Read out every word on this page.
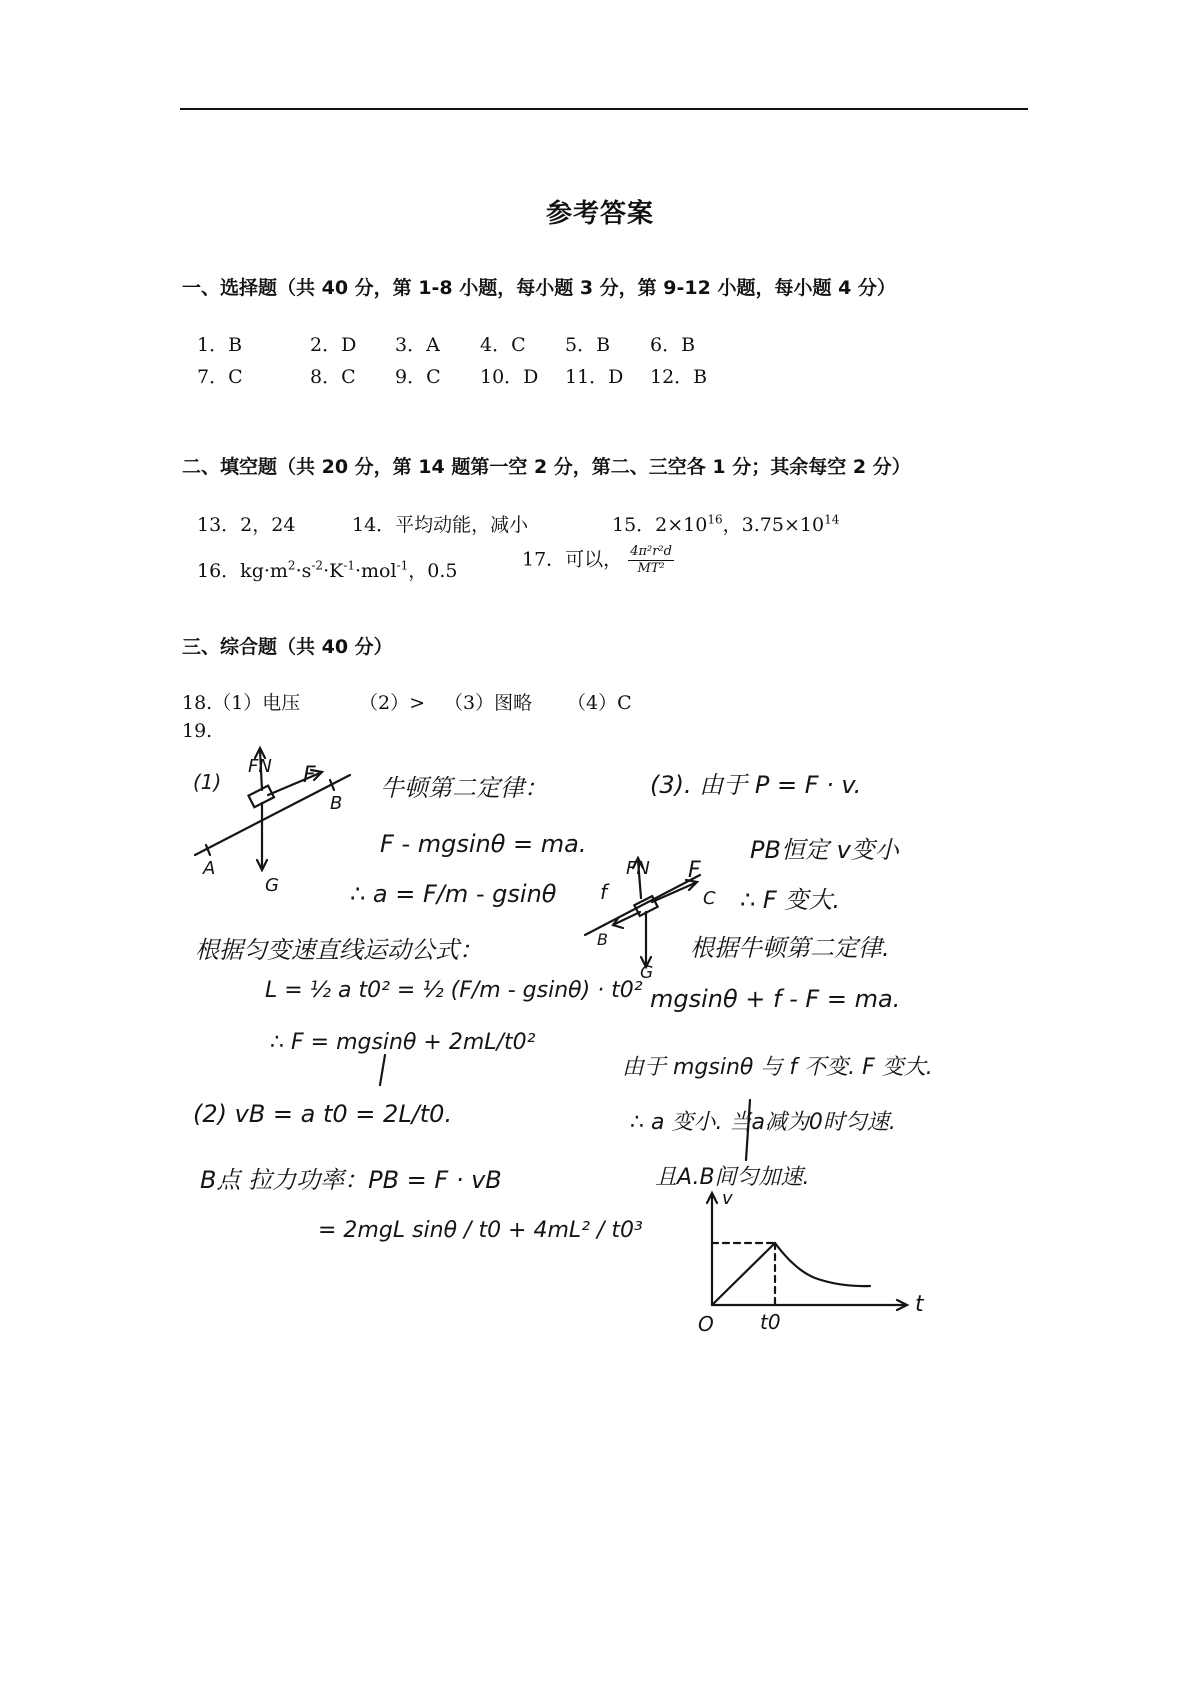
参考答案
一、选择题（共 40 分，第 1-8 小题，每小题 3 分，第 9-12 小题，每小题 4 分）
1．B	2．D 3．A 4．C 5．B 6．B
7．C	8．C 9．C 10．D 11．D 12．B
二、填空题（共 20 分，第 14 题第一空 2 分，第二、三空各 1 分；其余每空 2 分）
13．2，24	14．平均动能，减小	15．$2\times 10^{16}$，$3.75\times 10^{14}$
16．$kg\cdot m^2\cdot s^{-2}\cdot K^{-1}\cdot mol^{-1}$，0.5
17．可以， $\frac{\text{4π²r²d}}{\text{MT²}}$
三、综合题（共 40 分）
18.（1）电压	（2）> （3）图略 （4）C
19.
(1)
FN F
B
A
G
牛顿第二定律：
F - mgsinθ = ma.
∴ a = F/m - gsinθ
根据匀变速直线运动公式：
L = ½ a t0² = ½ (F/m - gsinθ) · t0²
∴ F = mgsinθ + 2mL/t0²
(2) vB = a t0 = 2L/t0.
B点 拉力功率：PB = F · vB
= 2mgL sinθ / t0 + 4mL² / t0³
(3). 由于 P = F · v.
PB恒定 v变小
∴ F 变大.
FN F
f	C
B
G
根据牛顿第二定律.
mgsinθ + f - F = ma.
由于 mgsinθ 与 f 不变. F 变大.
∴ a 变小. 当a减为0时匀速.
且A.B间匀加速.
v
t
O t0
